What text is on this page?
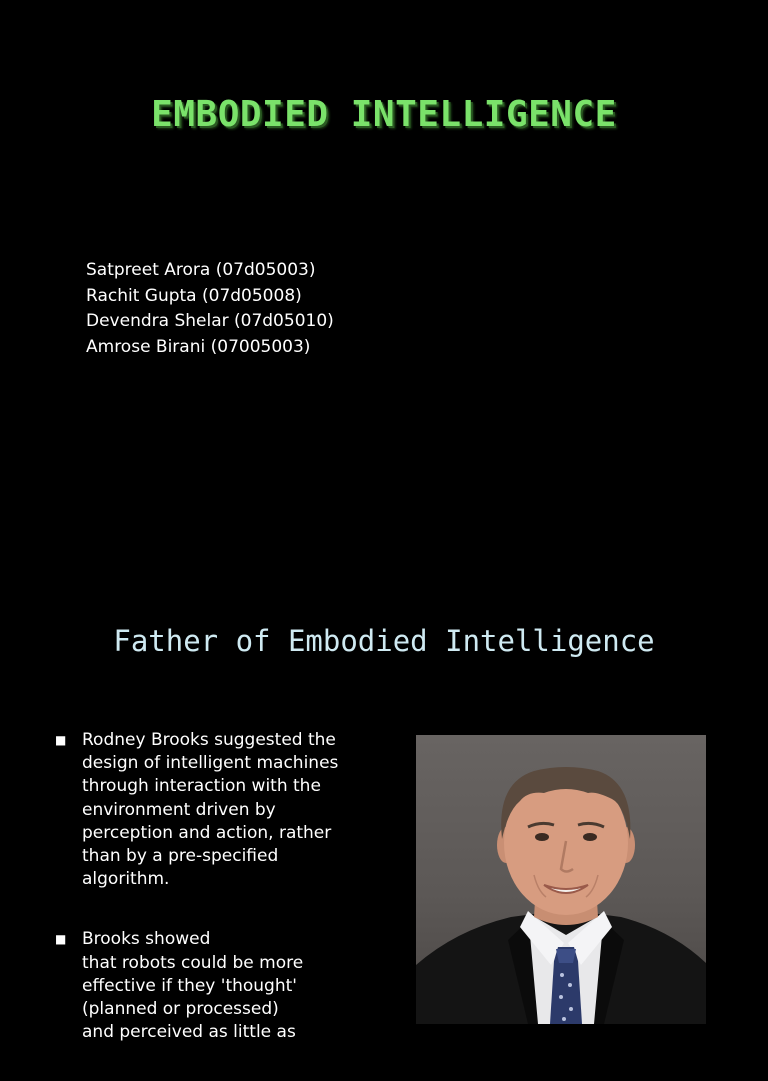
EMBODIED INTELLIGENCE
Satpreet Arora (07d05003)
Rachit Gupta (07d05008)
Devendra Shelar (07d05010)
Amrose Birani (07005003)
Father of Embodied Intelligence
■ Rodney Brooks suggested the
design of intelligent machines
through interaction with the
environment driven by
perception and action, rather
than by a pre-specified
algorithm.
■ Brooks showed
that robots could be more
effective if they 'thought'
(planned or processed)
and perceived as little as
